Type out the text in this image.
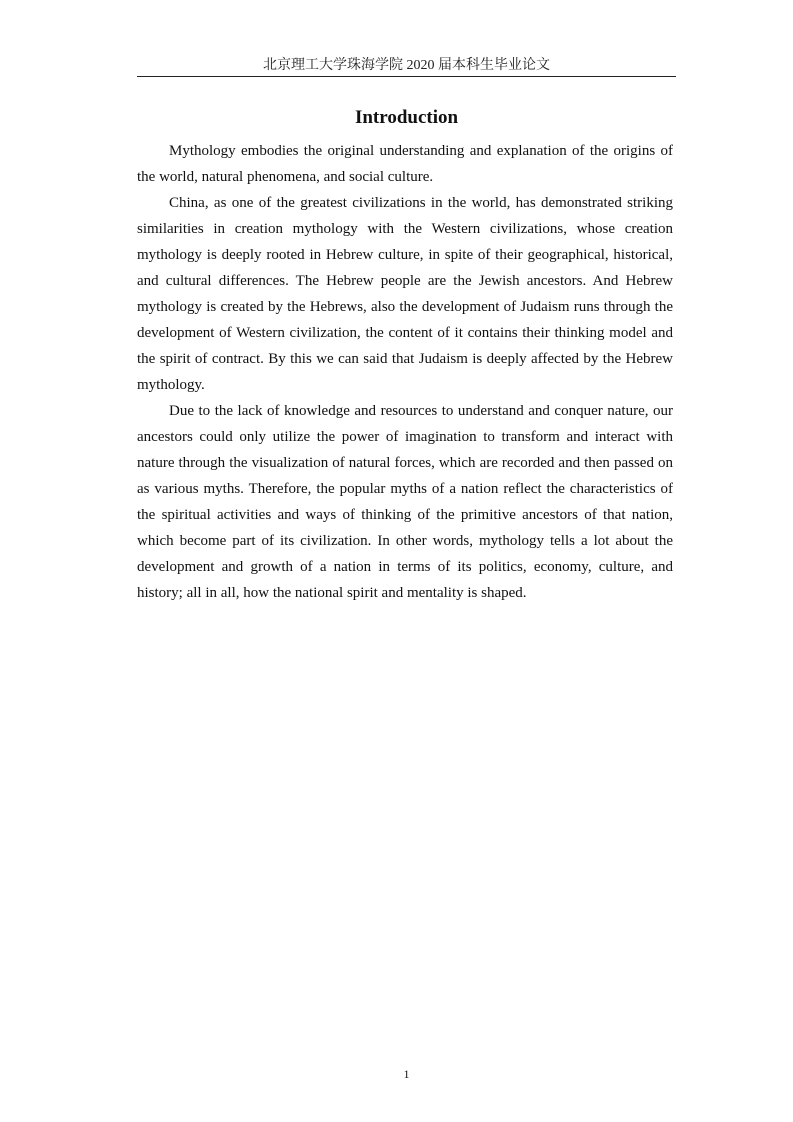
北京理工大学珠海学院 2020 届本科生毕业论文
Introduction

Mythology embodies the original understanding and explanation of the origins of the world, natural phenomena, and social culture.

China, as one of the greatest civilizations in the world, has demonstrated striking similarities in creation mythology with the Western civilizations, whose creation mythology is deeply rooted in Hebrew culture, in spite of their geographical, historical, and cultural differences. The Hebrew people are the Jewish ancestors. And Hebrew mythology is created by the Hebrews, also the development of Judaism runs through the development of Western civilization, the content of it contains their thinking model and the spirit of contract. By this we can said that Judaism is deeply affected by the Hebrew mythology.

Due to the lack of knowledge and resources to understand and conquer nature, our ancestors could only utilize the power of imagination to transform and interact with nature through the visualization of natural forces, which are recorded and then passed on as various myths. Therefore, the popular myths of a nation reflect the characteristics of the spiritual activities and ways of thinking of the primitive ancestors of that nation, which become part of its civilization. In other words, mythology tells a lot about the development and growth of a nation in terms of its politics, economy, culture, and history; all in all, how the national spirit and mentality is shaped.

1
